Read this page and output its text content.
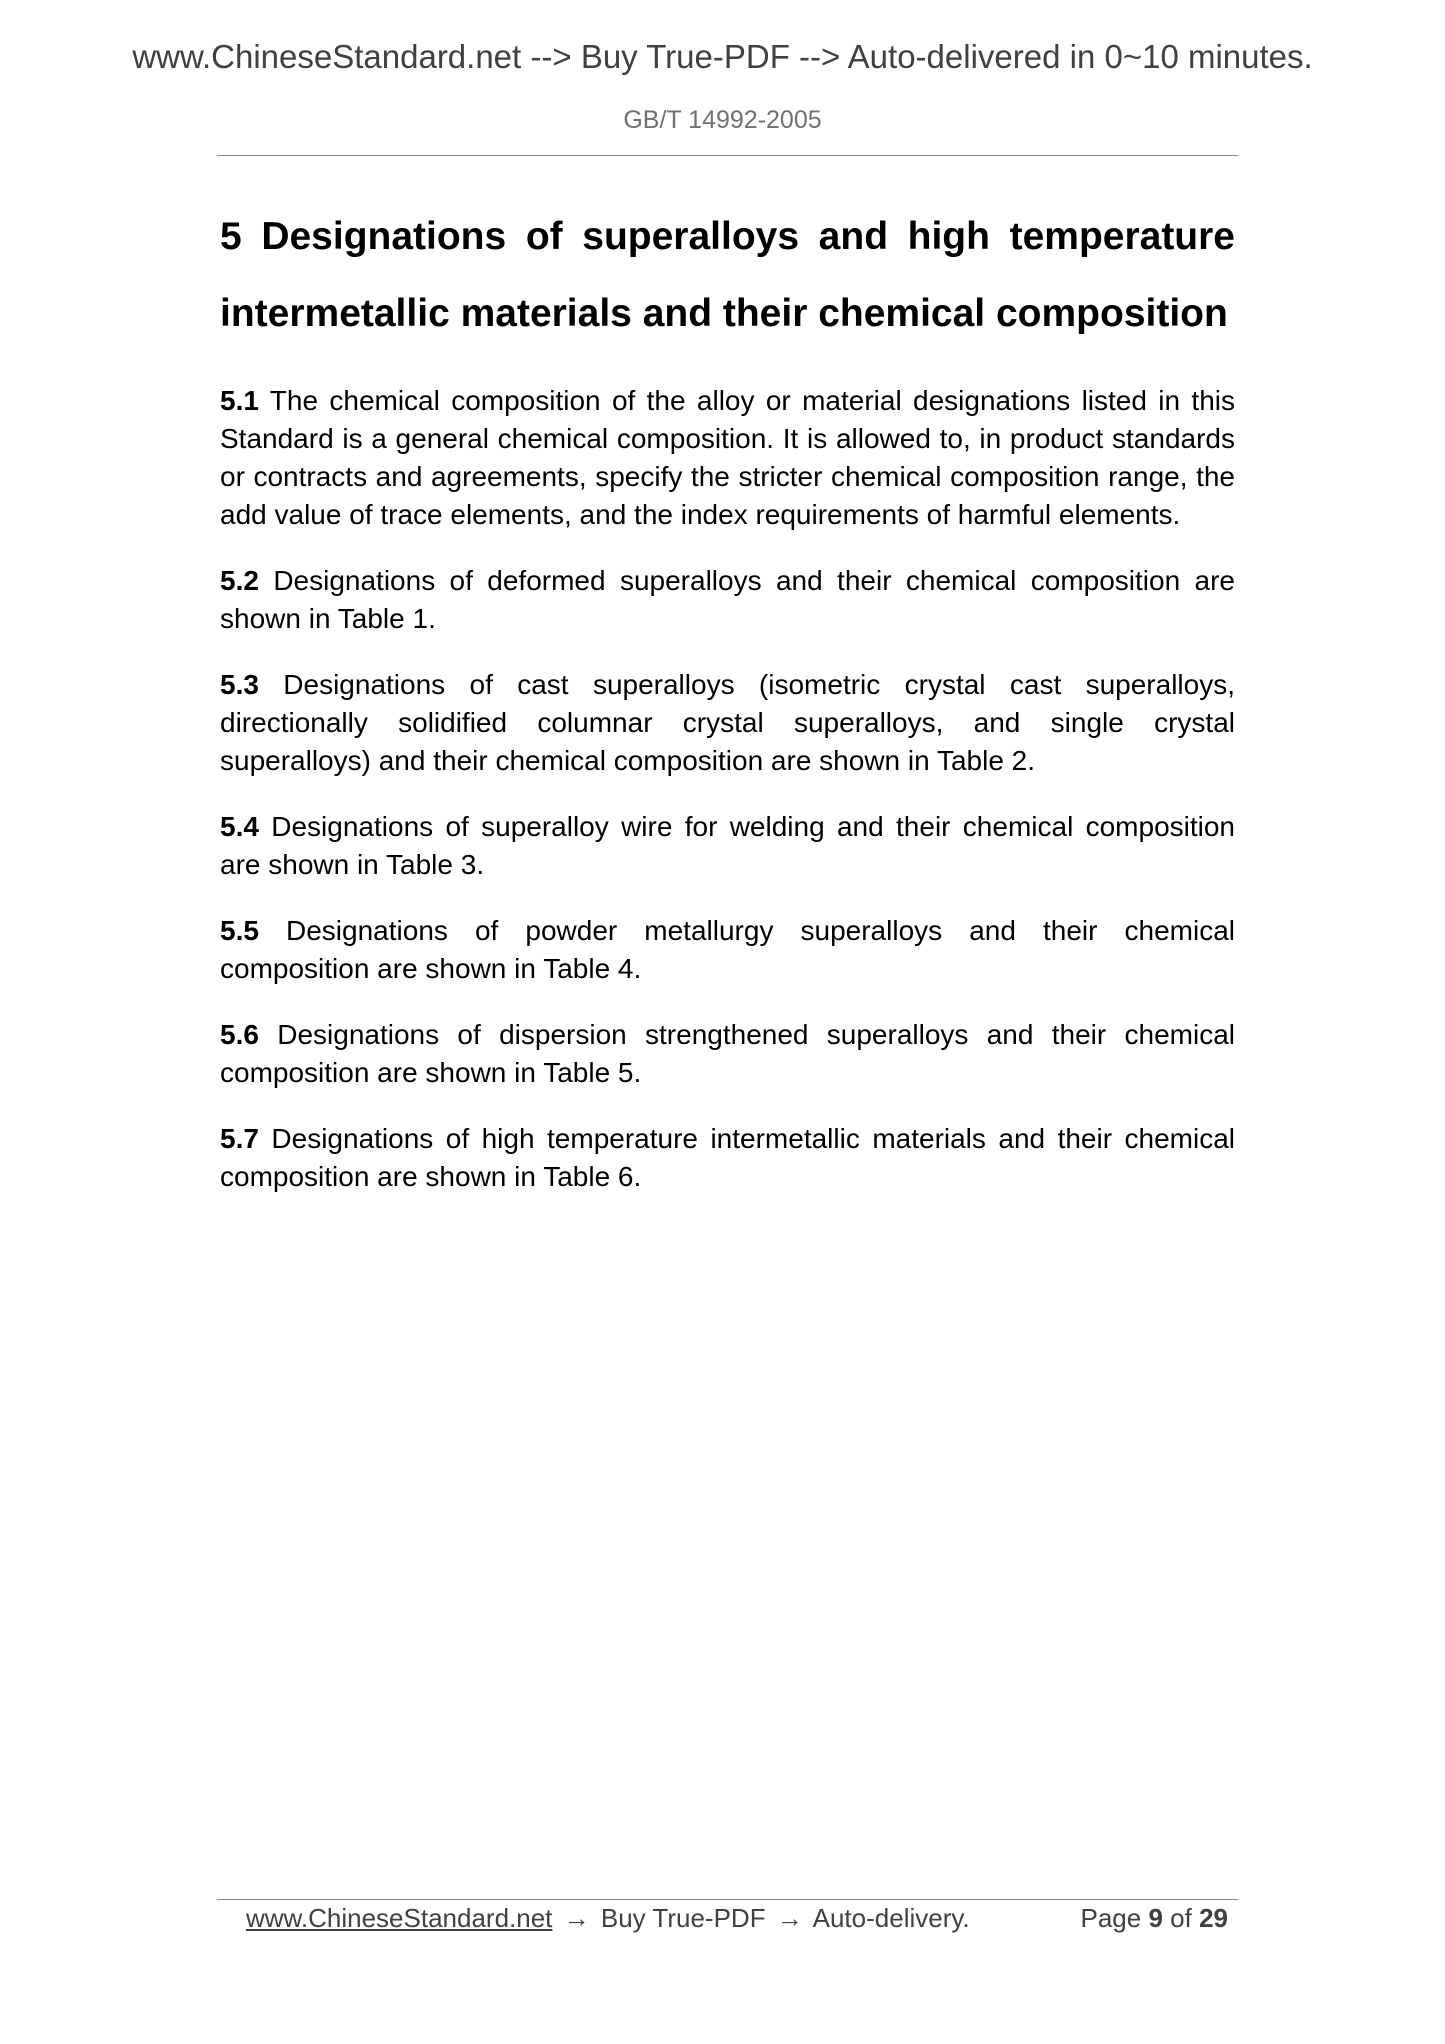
www.ChineseStandard.net --> Buy True-PDF --> Auto-delivered in 0~10 minutes.
GB/T 14992-2005
5 Designations of superalloys and high temperature intermetallic materials and their chemical composition

5.1 The chemical composition of the alloy or material designations listed in this Standard is a general chemical composition. It is allowed to, in product standards or contracts and agreements, specify the stricter chemical composition range, the add value of trace elements, and the index requirements of harmful elements.

5.2 Designations of deformed superalloys and their chemical composition are shown in Table 1.

5.3 Designations of cast superalloys (isometric crystal cast superalloys, directionally solidified columnar crystal superalloys, and single crystal superalloys) and their chemical composition are shown in Table 2.

5.4 Designations of superalloy wire for welding and their chemical composition are shown in Table 3.

5.5 Designations of powder metallurgy superalloys and their chemical composition are shown in Table 4.

5.6 Designations of dispersion strengthened superalloys and their chemical composition are shown in Table 5.

5.7 Designations of high temperature intermetallic materials and their chemical composition are shown in Table 6.

www.ChineseStandard.net → Buy True-PDF → Auto-delivery.	Page 9 of 29
